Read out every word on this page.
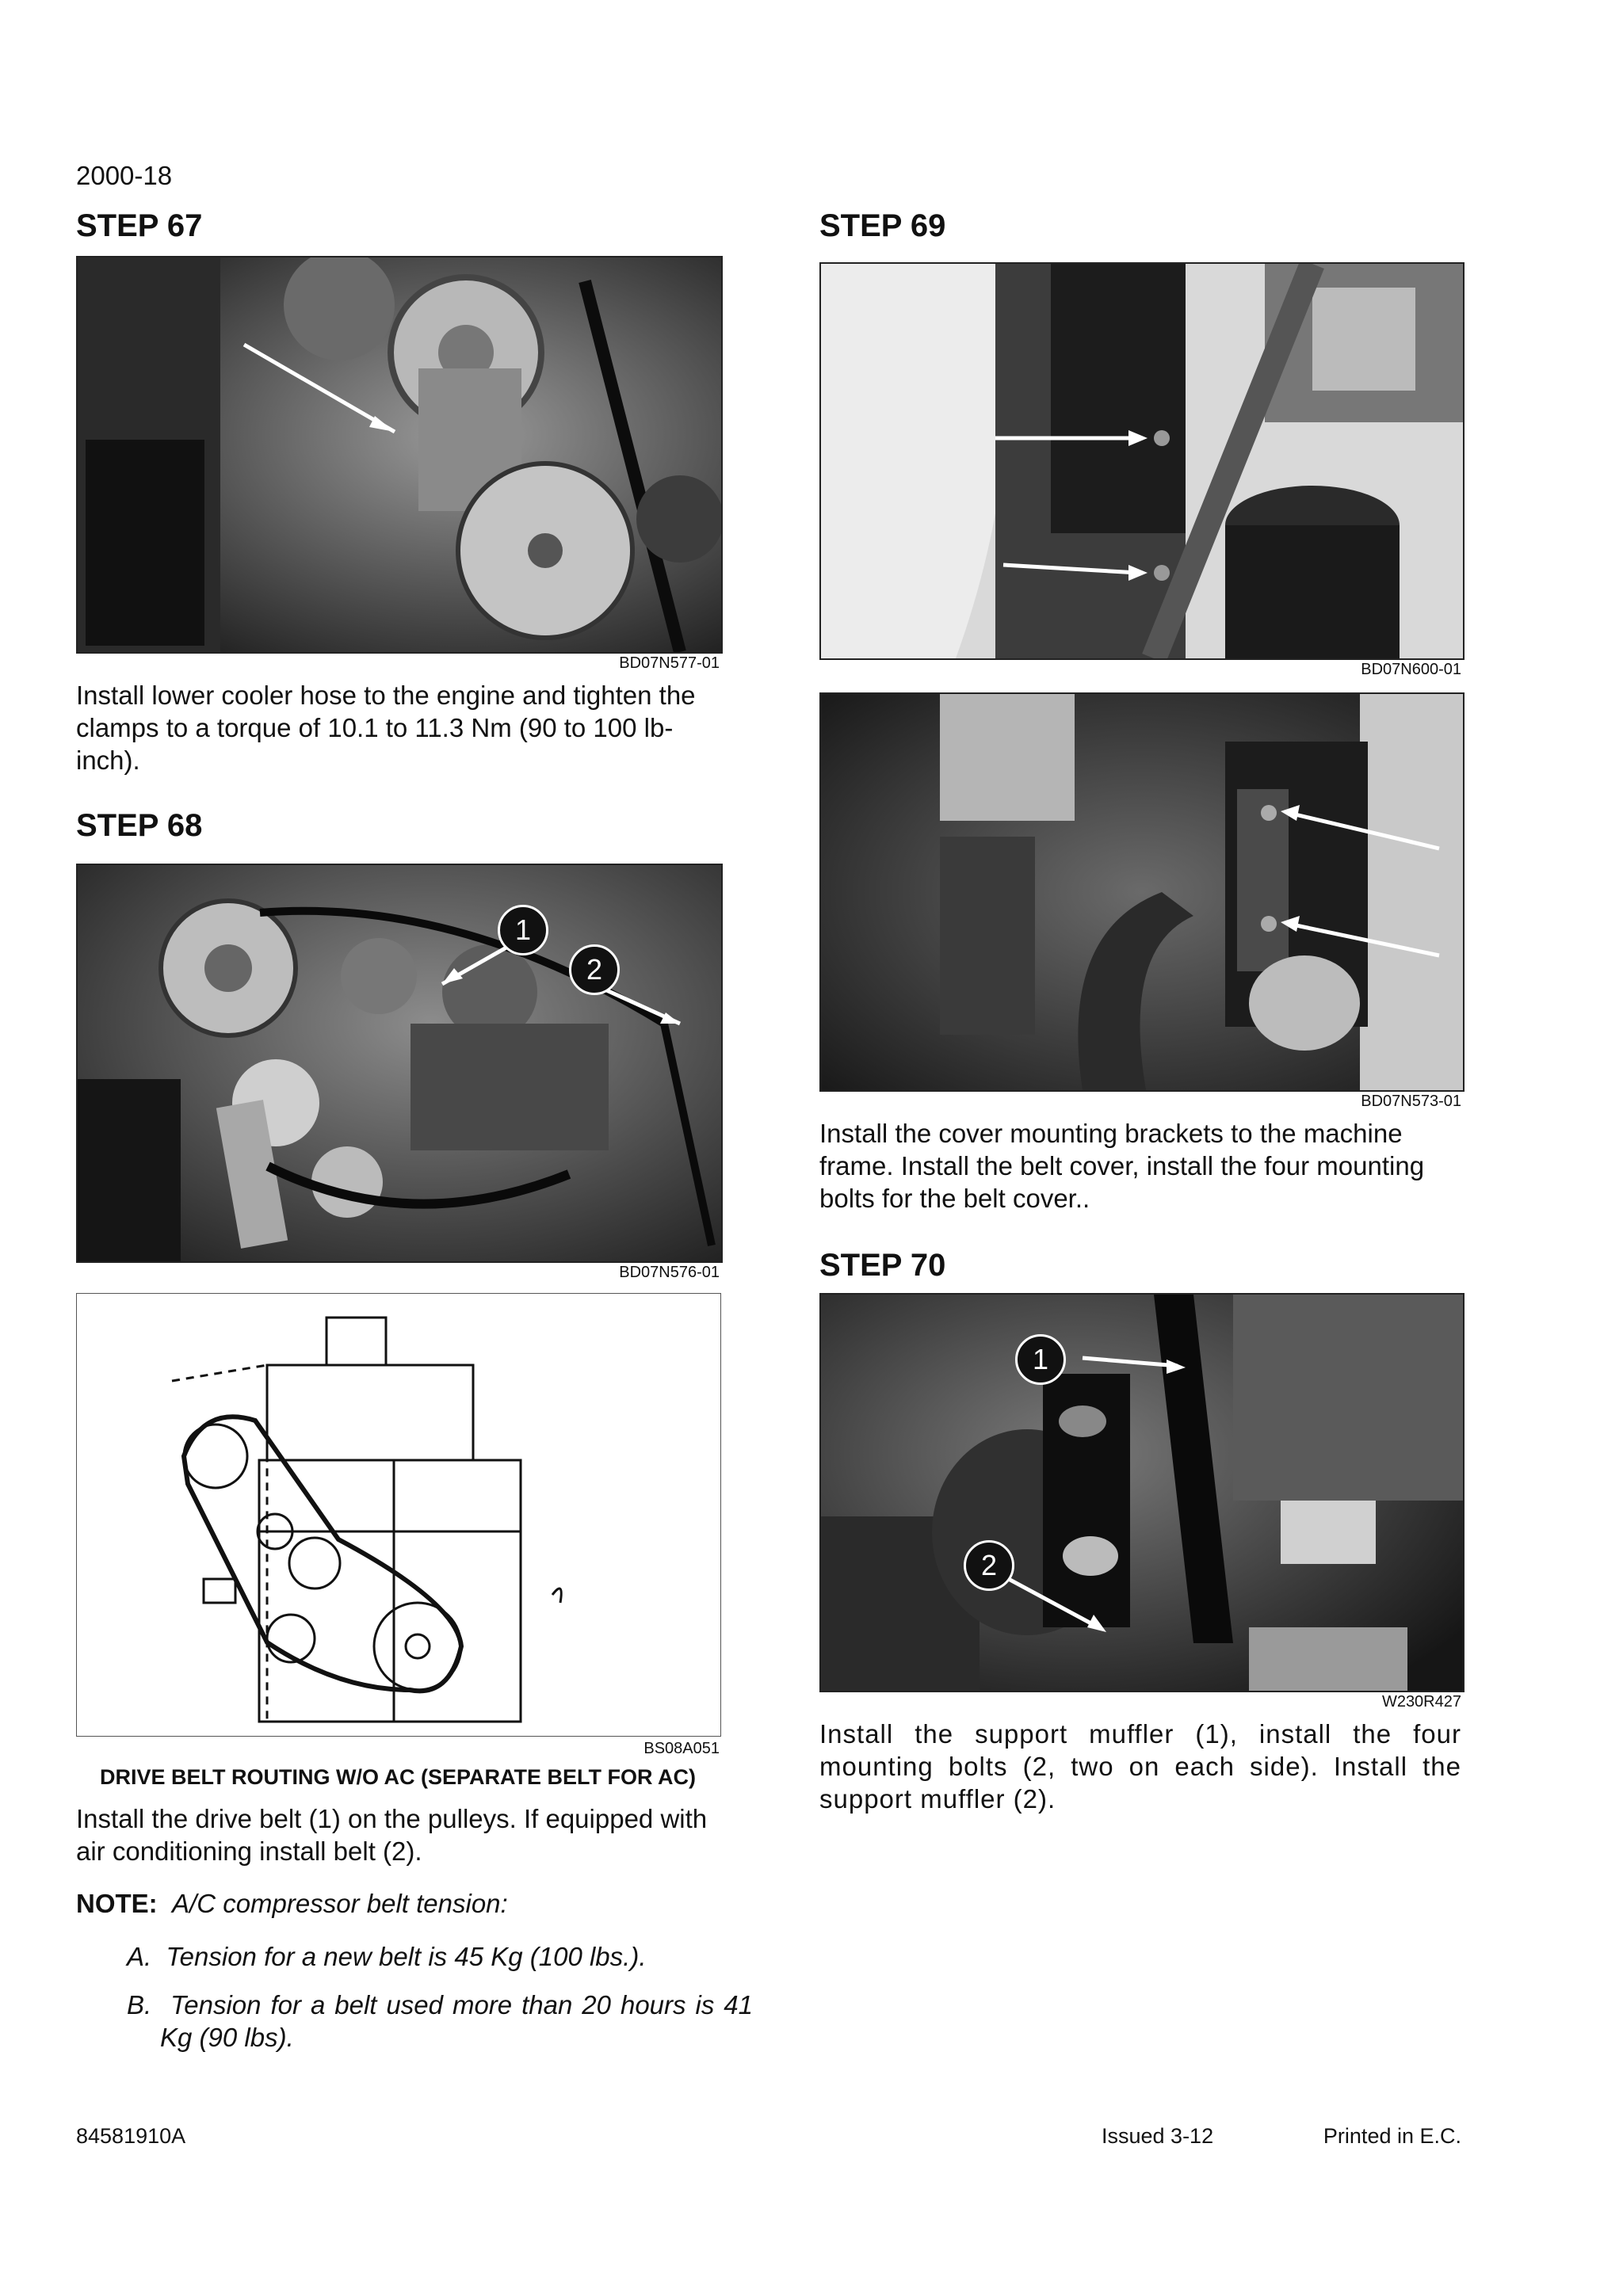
2000-18
STEP 67
BD07N577-01
Install lower cooler hose to the engine and tighten the clamps to a torque of 10.1 to 11.3 Nm (90 to 100 lb-inch).
STEP 68
1
2
BD07N576-01
BS08A051
DRIVE BELT ROUTING W/O AC (SEPARATE BELT FOR AC)
Install the drive belt (1) on the pulleys. If equipped with air conditioning install belt (2).
NOTE: A/C compressor belt tension:
A. Tension for a new belt is 45 Kg (100 lbs.).
B. Tension for a belt used more than 20 hours is 41 Kg (90 lbs).
STEP 69
BD07N600-01
BD07N573-01
Install the cover mounting brackets to the machine frame. Install the belt cover, install the four mounting bolts for the belt cover..
STEP 70
1
2
W230R427
Install the support muffler (1), install the four mounting bolts (2, two on each side). Install the support muffler (2).
84581910A	Issued 3-12	Printed in E.C.
